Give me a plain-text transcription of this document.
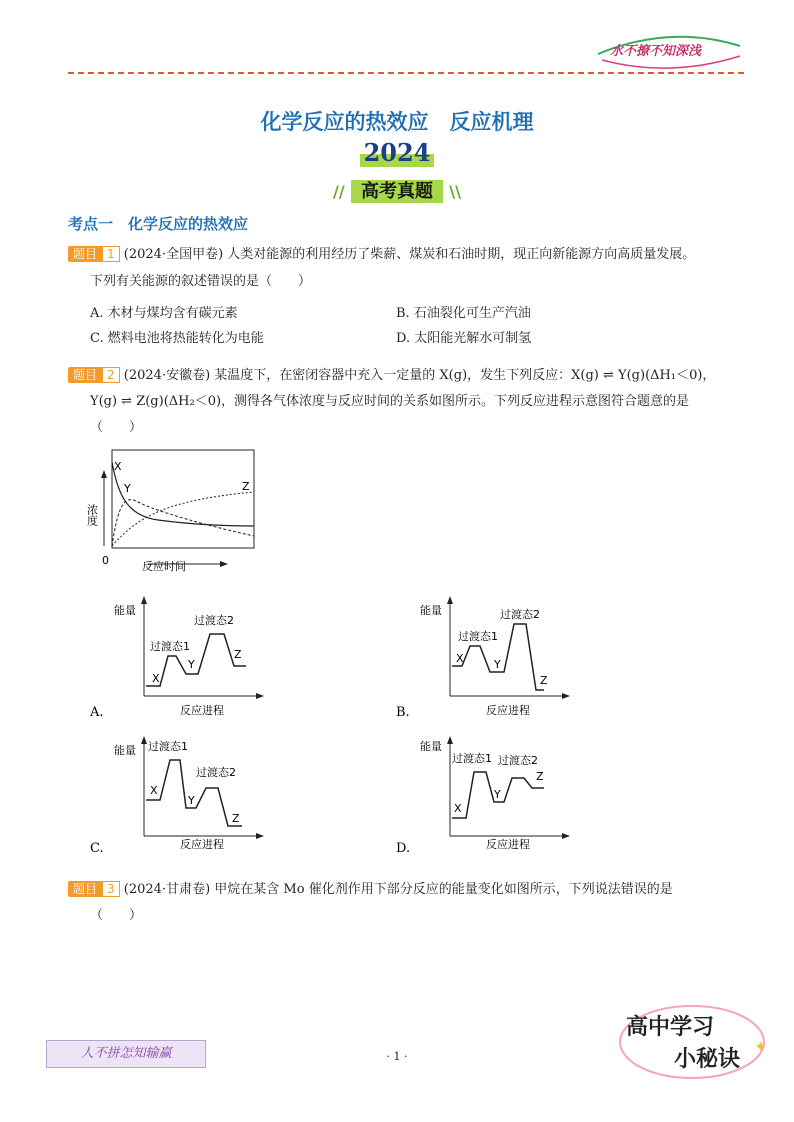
水不撩不知深浅
化学反应的热效应　反应机理
2024
// 高考真题 \\
考点一　化学反应的热效应
题目 1 (2024·全国甲卷) 人类对能源的利用经历了柴薪、煤炭和石油时期，现正向新能源方向高质量发展。
下列有关能源的叙述错误的是（　　）
A. 木材与煤均含有碳元素	B. 石油裂化可生产汽油
C. 燃料电池将热能转化为电能	D. 太阳能光解水可制氢
题目 2 (2024·安徽卷) 某温度下，在密闭容器中充入一定量的 X(g)，发生下列反应：X(g) ⇌ Y(g)(ΔH₁＜0)，
Y(g) ⇌ Z(g)(ΔH₂＜0)，测得各气体浓度与反应时间的关系如图所示。下列反应进程示意图符合题意的是
（　　）
X
Y	Z
0	反应时间
浓度
能量
过渡态1
过渡态2
X
Y
Z
反应进程
A.
能量
过渡态1
过渡态2
X	Y
Z
反应进程
B.
能量 过渡态1
过渡态2
X
Y
Z
反应进程
C.
能量
过渡态1 过渡态2
X
Y
Z
反应进程
D.
题目 3 (2024·甘肃卷) 甲烷在某含 Mo 催化剂作用下部分反应的能量变化如图所示，下列说法错误的是
（　　）
人不拼怎知输赢	· 1 ·
✦
高中学习
小秘诀
